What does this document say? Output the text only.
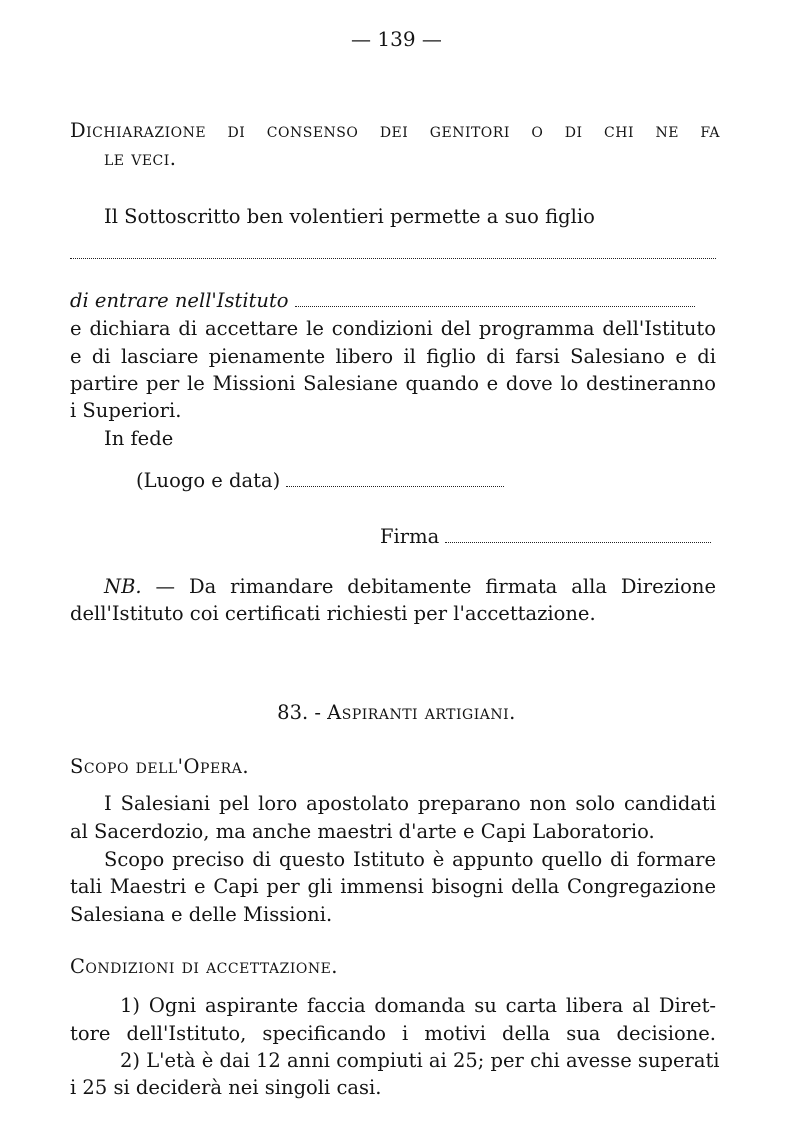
— 139 —
Dichiarazione di consenso dei genitori o di chi ne fa
le veci.
Il Sottoscritto ben volentieri permette a suo figlio
di entrare nell'Istituto
e dichiara di accettare le condizioni del programma dell'Istituto
e di lasciare pienamente libero il figlio di farsi Salesiano e di
partire per le Missioni Salesiane quando e dove lo destineranno
i Superiori.
In fede
(Luogo e data)
Firma
NB. — Da rimandare debitamente firmata alla Direzione
dell'Istituto coi certificati richiesti per l'accettazione.
83. - Aspiranti artigiani.
Scopo dell'Opera.
I Salesiani pel loro apostolato preparano non solo candidati
al Sacerdozio, ma anche maestri d'arte e Capi Laboratorio.
Scopo preciso di questo Istituto è appunto quello di formare
tali Maestri e Capi per gli immensi bisogni della Congregazione
Salesiana e delle Missioni.
Condizioni di accettazione.
1) Ogni aspirante faccia domanda su carta libera al Diret-
tore dell'Istituto, specificando i motivi della sua decisione.
2) L'età è dai 12 anni compiuti ai 25; per chi avesse superati
i 25 si deciderà nei singoli casi.
